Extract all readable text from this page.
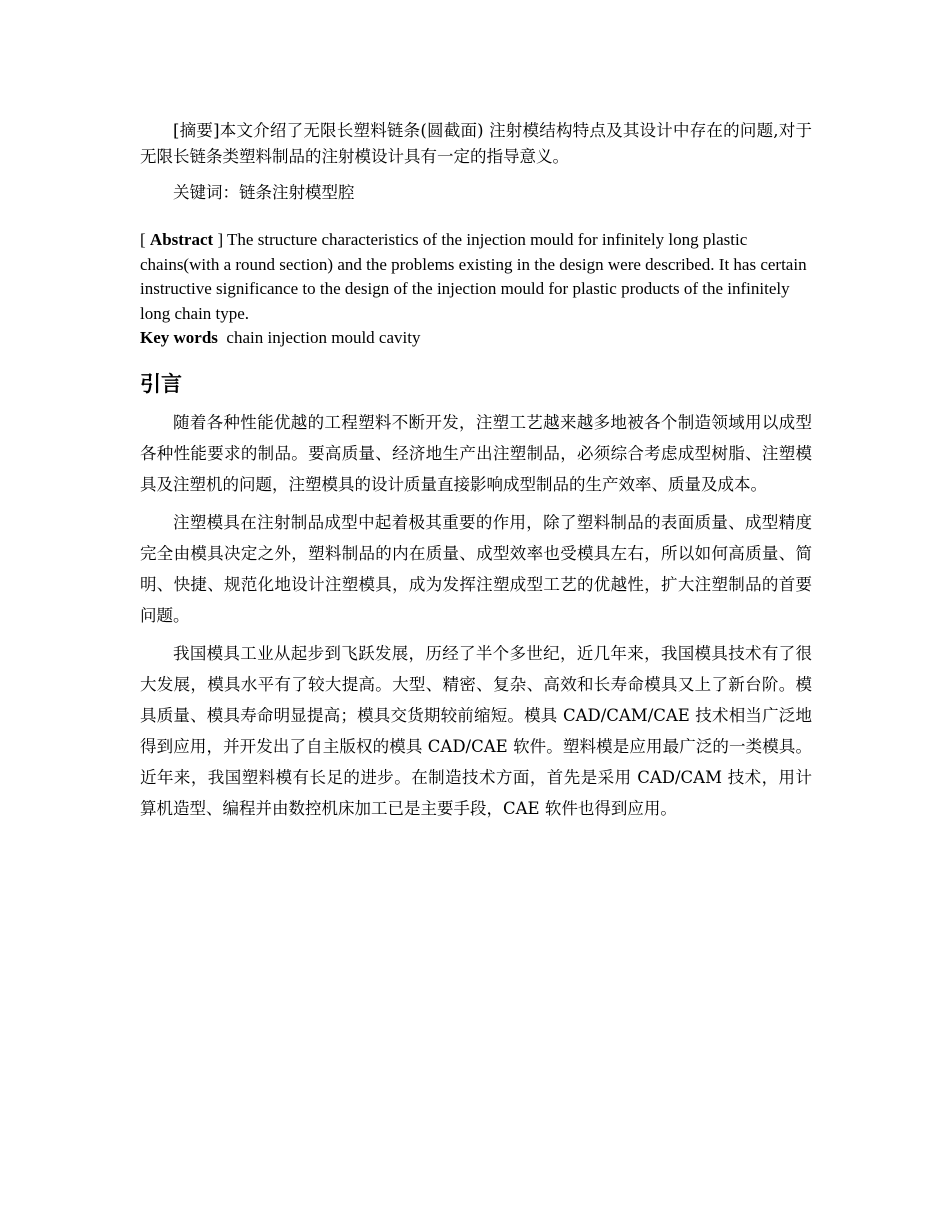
[摘要]本文介绍了无限长塑料链条(圆截面) 注射模结构特点及其设计中存在的问题,对于无限长链条类塑料制品的注射模设计具有一定的指导意义。

关键词：链条注射模型腔

[ Abstract ] The structure characteristics of the injection mould for infinitely long plastic chains(with a round section) and the problems existing in the design were described. It has certain instructive significance to the design of the injection mould for plastic products of the infinitely long chain type.

Key words  chain injection mould cavity

引言

随着各种性能优越的工程塑料不断开发，注塑工艺越来越多地被各个制造领域用以成型各种性能要求的制品。要高质量、经济地生产出注塑制品，必须综合考虑成型树脂、注塑模具及注塑机的问题，注塑模具的设计质量直接影响成型制品的生产效率、质量及成本。

注塑模具在注射制品成型中起着极其重要的作用，除了塑料制品的表面质量、成型精度完全由模具决定之外，塑料制品的内在质量、成型效率也受模具左右，所以如何高质量、简明、快捷、规范化地设计注塑模具，成为发挥注塑成型工艺的优越性，扩大注塑制品的首要问题。

我国模具工业从起步到飞跃发展，历经了半个多世纪，近几年来，我国模具技术有了很大发展，模具水平有了较大提高。大型、精密、复杂、高效和长寿命模具又上了新台阶。模具质量、模具寿命明显提高；模具交货期较前缩短。模具 CAD/CAM/CAE 技术相当广泛地得到应用，并开发出了自主版权的模具 CAD/CAE 软件。塑料模是应用最广泛的一类模具。近年来，我国塑料模有长足的进步。在制造技术方面，首先是采用 CAD/CAM 技术，用计算机造型、编程并由数控机床加工已是主要手段，CAE 软件也得到应用。
